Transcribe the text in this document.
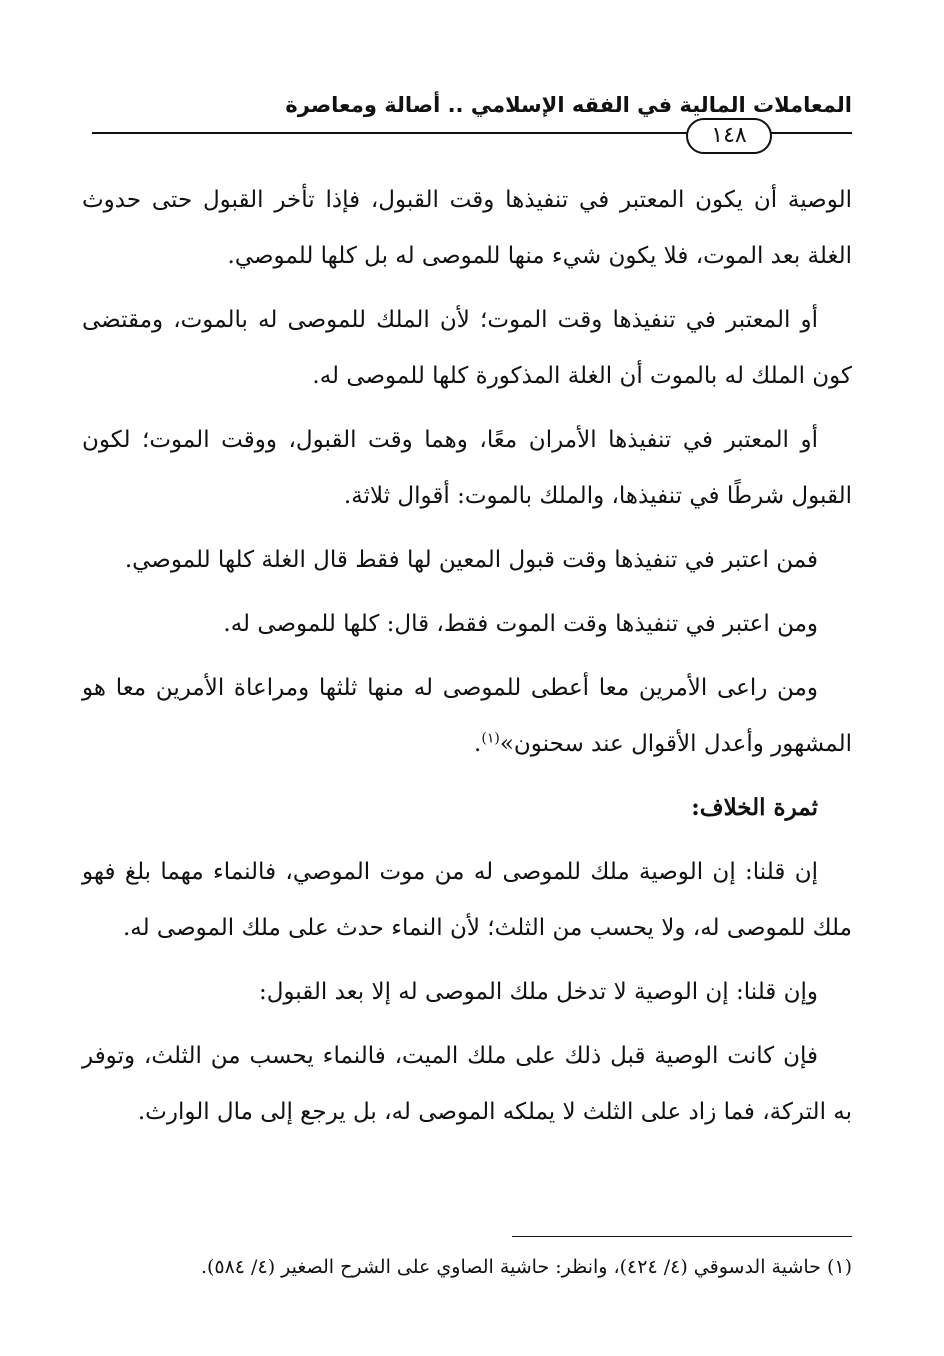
المعاملات المالية في الفقه الإسلامي .. أصالة ومعاصرة
١٤٨

الوصية أن يكون المعتبر في تنفيذها وقت القبول، فإذا تأخر القبول حتى حدوث الغلة بعد الموت، فلا يكون شيء منها للموصى له بل كلها للموصي.

أو المعتبر في تنفيذها وقت الموت؛ لأن الملك للموصى له بالموت، ومقتضى كون الملك له بالموت أن الغلة المذكورة كلها للموصى له.

أو المعتبر في تنفيذها الأمران معًا، وهما وقت القبول، ووقت الموت؛ لكون القبول شرطًا في تنفيذها، والملك بالموت: أقوال ثلاثة.

فمن اعتبر في تنفيذها وقت قبول المعين لها فقط قال الغلة كلها للموصي.

ومن اعتبر في تنفيذها وقت الموت فقط، قال: كلها للموصى له.

ومن راعى الأمرين معا أعطى للموصى له منها ثلثها ومراعاة الأمرين معا هو المشهور وأعدل الأقوال عند سحنون»$^{(١)}$.

ثمرة الخلاف:

إن قلنا: إن الوصية ملك للموصى له من موت الموصي، فالنماء مهما بلغ فهو ملك للموصى له، ولا يحسب من الثلث؛ لأن النماء حدث على ملك الموصى له.

وإن قلنا: إن الوصية لا تدخل ملك الموصى له إلا بعد القبول:

فإن كانت الوصية قبل ذلك على ملك الميت، فالنماء يحسب من الثلث، وتوفر به التركة، فما زاد على الثلث لا يملكه الموصى له، بل يرجع إلى مال الوارث.

(١) حاشية الدسوقي (٤/ ٤٢٤)، وانظر: حاشية الصاوي على الشرح الصغير (٤/ ٥٨٤).
